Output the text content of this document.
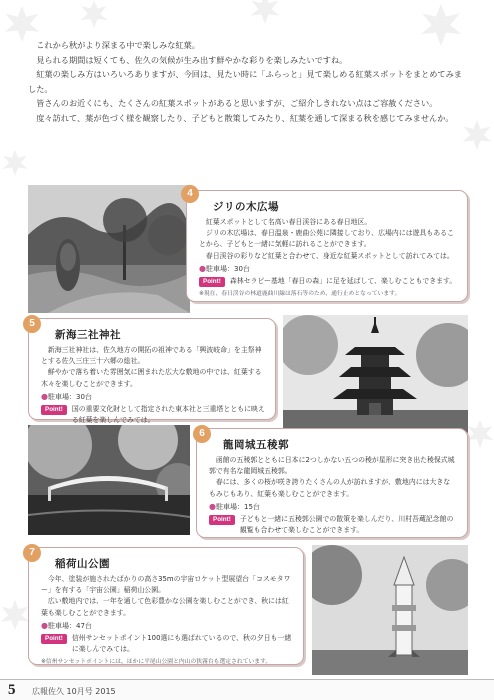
これから秋がより深まる中で楽しみな紅葉。

見られる期間は短くても、佐久の気候が生み出す鮮やかな彩りを楽しみたいですね。

紅葉の楽しみ方はいろいろありますが、今回は、見たい時に「ふらっと」見て楽しめる紅葉スポットをまとめてみました。

皆さんのお近くにも、たくさんの紅葉スポットがあると思いますが、ご紹介しきれない点はご容赦ください。

度々訪れて、葉が色づく様を観察したり、子どもと散策してみたり、紅葉を通して深まる秋を感じてみませんか。

4
ジリの木広場

紅葉スポットとして名高い春日渓谷にある春日地区。

ジリの木広場は、春日温泉・鹿曲公苑に隣接しており、広場内には遊具もあることから、子どもと一緒に気軽に訪れることができます。

春日渓谷の彩りなど紅葉と合わせて、身近な紅葉スポットとして訪れてみては。

●駐車場：30台
Point!	森林セラピー基地「春日の森」に足を延ばして、楽しむこともできます。
※現在、春日渓谷の林道鹿曲川線は落石等のため、通行止めとなっています。
5
新海三社神社

新海三社神社は、佐久地方の開拓の祖神である「興波岐命」を主祭神とする佐久三庄三十六郷の総社。

鮮やかで落ち着いた雰囲気に囲まれた広大な敷地の中では、紅葉する木々を楽しむことができます。

●駐車場：30台
Point!	国の重要文化財として指定された東本社と三重塔とともに映える紅葉を楽しんでみては。
6
龍岡城五稜郭

函館の五稜郭とともに日本に2つしかない五つの稜が星形に突き出た稜保式城郭で有名な龍岡城五稜郭。

春には、多くの桜が咲き誇りたくさんの人が訪れますが、敷地内には大きなもみじもあり、紅葉も楽しむことができます。

●駐車場：15台
Point!	子どもと一緒に五稜郭公園での散策を楽しんだり、川村吾蔵記念館の観覧も合わせて楽しむことができます。
7
稲荷山公園

今年、塗装が施されたばかりの高さ35mの宇宙ロケット型展望台「コスモタワー」を有する「宇宙公園」稲荷山公園。

広い敷地内では、一年を通して色彩豊かな公園を楽しむことができ、秋には紅葉も楽しむことができます。

●駐車場：47台
Point!	信州サンセットポイント100選にも選ばれているので、秋の夕日も一緒に楽しんでみては。
※信州サンセットポイントには、ほかに平尾山公園と内山の狭霧台も選定されています。
5 広報佐久 10月号 2015
